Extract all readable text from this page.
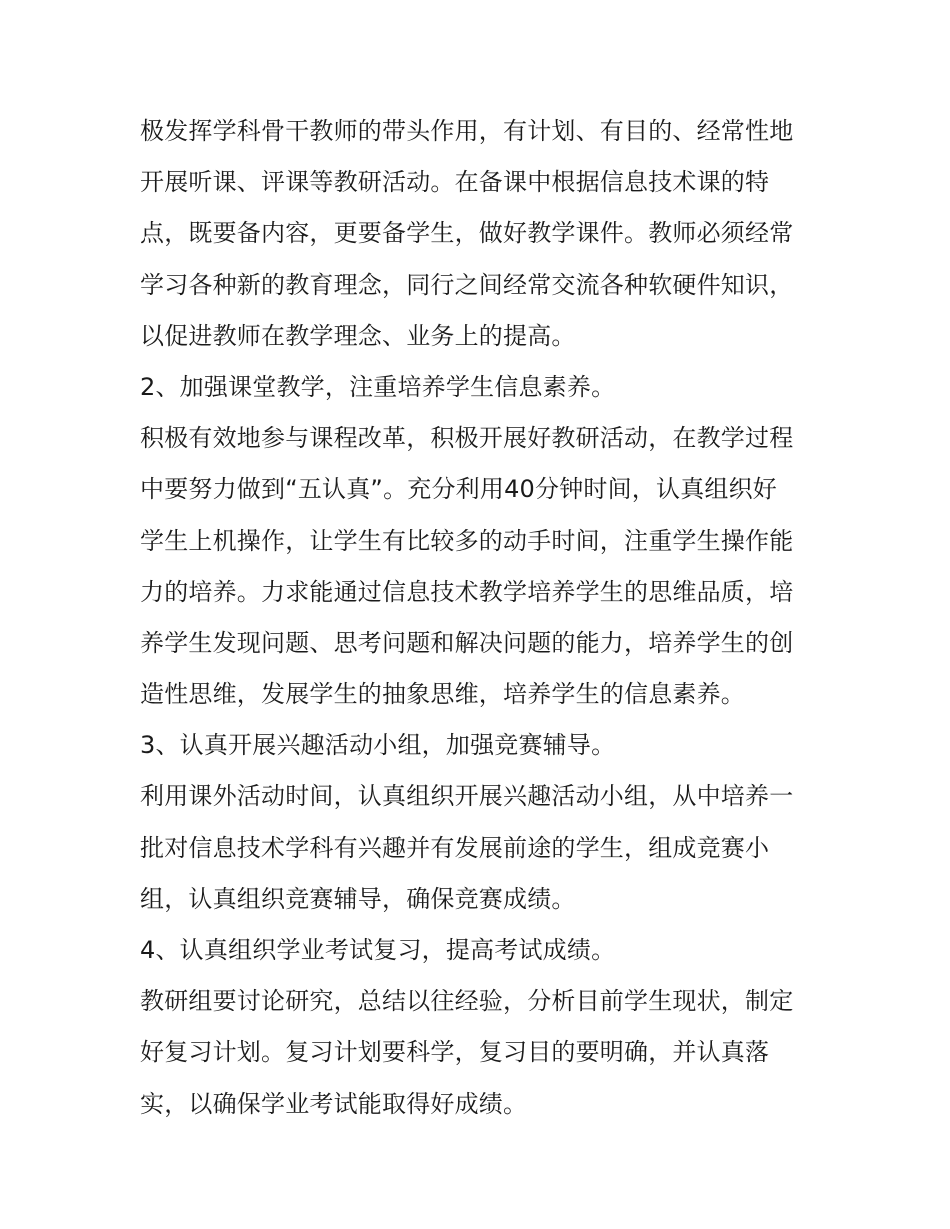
极发挥学科骨干教师的带头作用，有计划、有目的、经常性地
开展听课、评课等教研活动。在备课中根据信息技术课的特
点，既要备内容，更要备学生，做好教学课件。教师必须经常
学习各种新的教育理念，同行之间经常交流各种软硬件知识，
以促进教师在教学理念、业务上的提高。
2、加强课堂教学，注重培养学生信息素养。
积极有效地参与课程改革，积极开展好教研活动，在教学过程
中要努力做到“五认真”。充分利用40分钟时间，认真组织好
学生上机操作，让学生有比较多的动手时间，注重学生操作能
力的培养。力求能通过信息技术教学培养学生的思维品质，培
养学生发现问题、思考问题和解决问题的能力，培养学生的创
造性思维，发展学生的抽象思维，培养学生的信息素养。
3、认真开展兴趣活动小组，加强竞赛辅导。
利用课外活动时间，认真组织开展兴趣活动小组，从中培养一
批对信息技术学科有兴趣并有发展前途的学生，组成竞赛小
组，认真组织竞赛辅导，确保竞赛成绩。
4、认真组织学业考试复习，提高考试成绩。
教研组要讨论研究，总结以往经验，分析目前学生现状，制定
好复习计划。复习计划要科学，复习目的要明确，并认真落
实，以确保学业考试能取得好成绩。
